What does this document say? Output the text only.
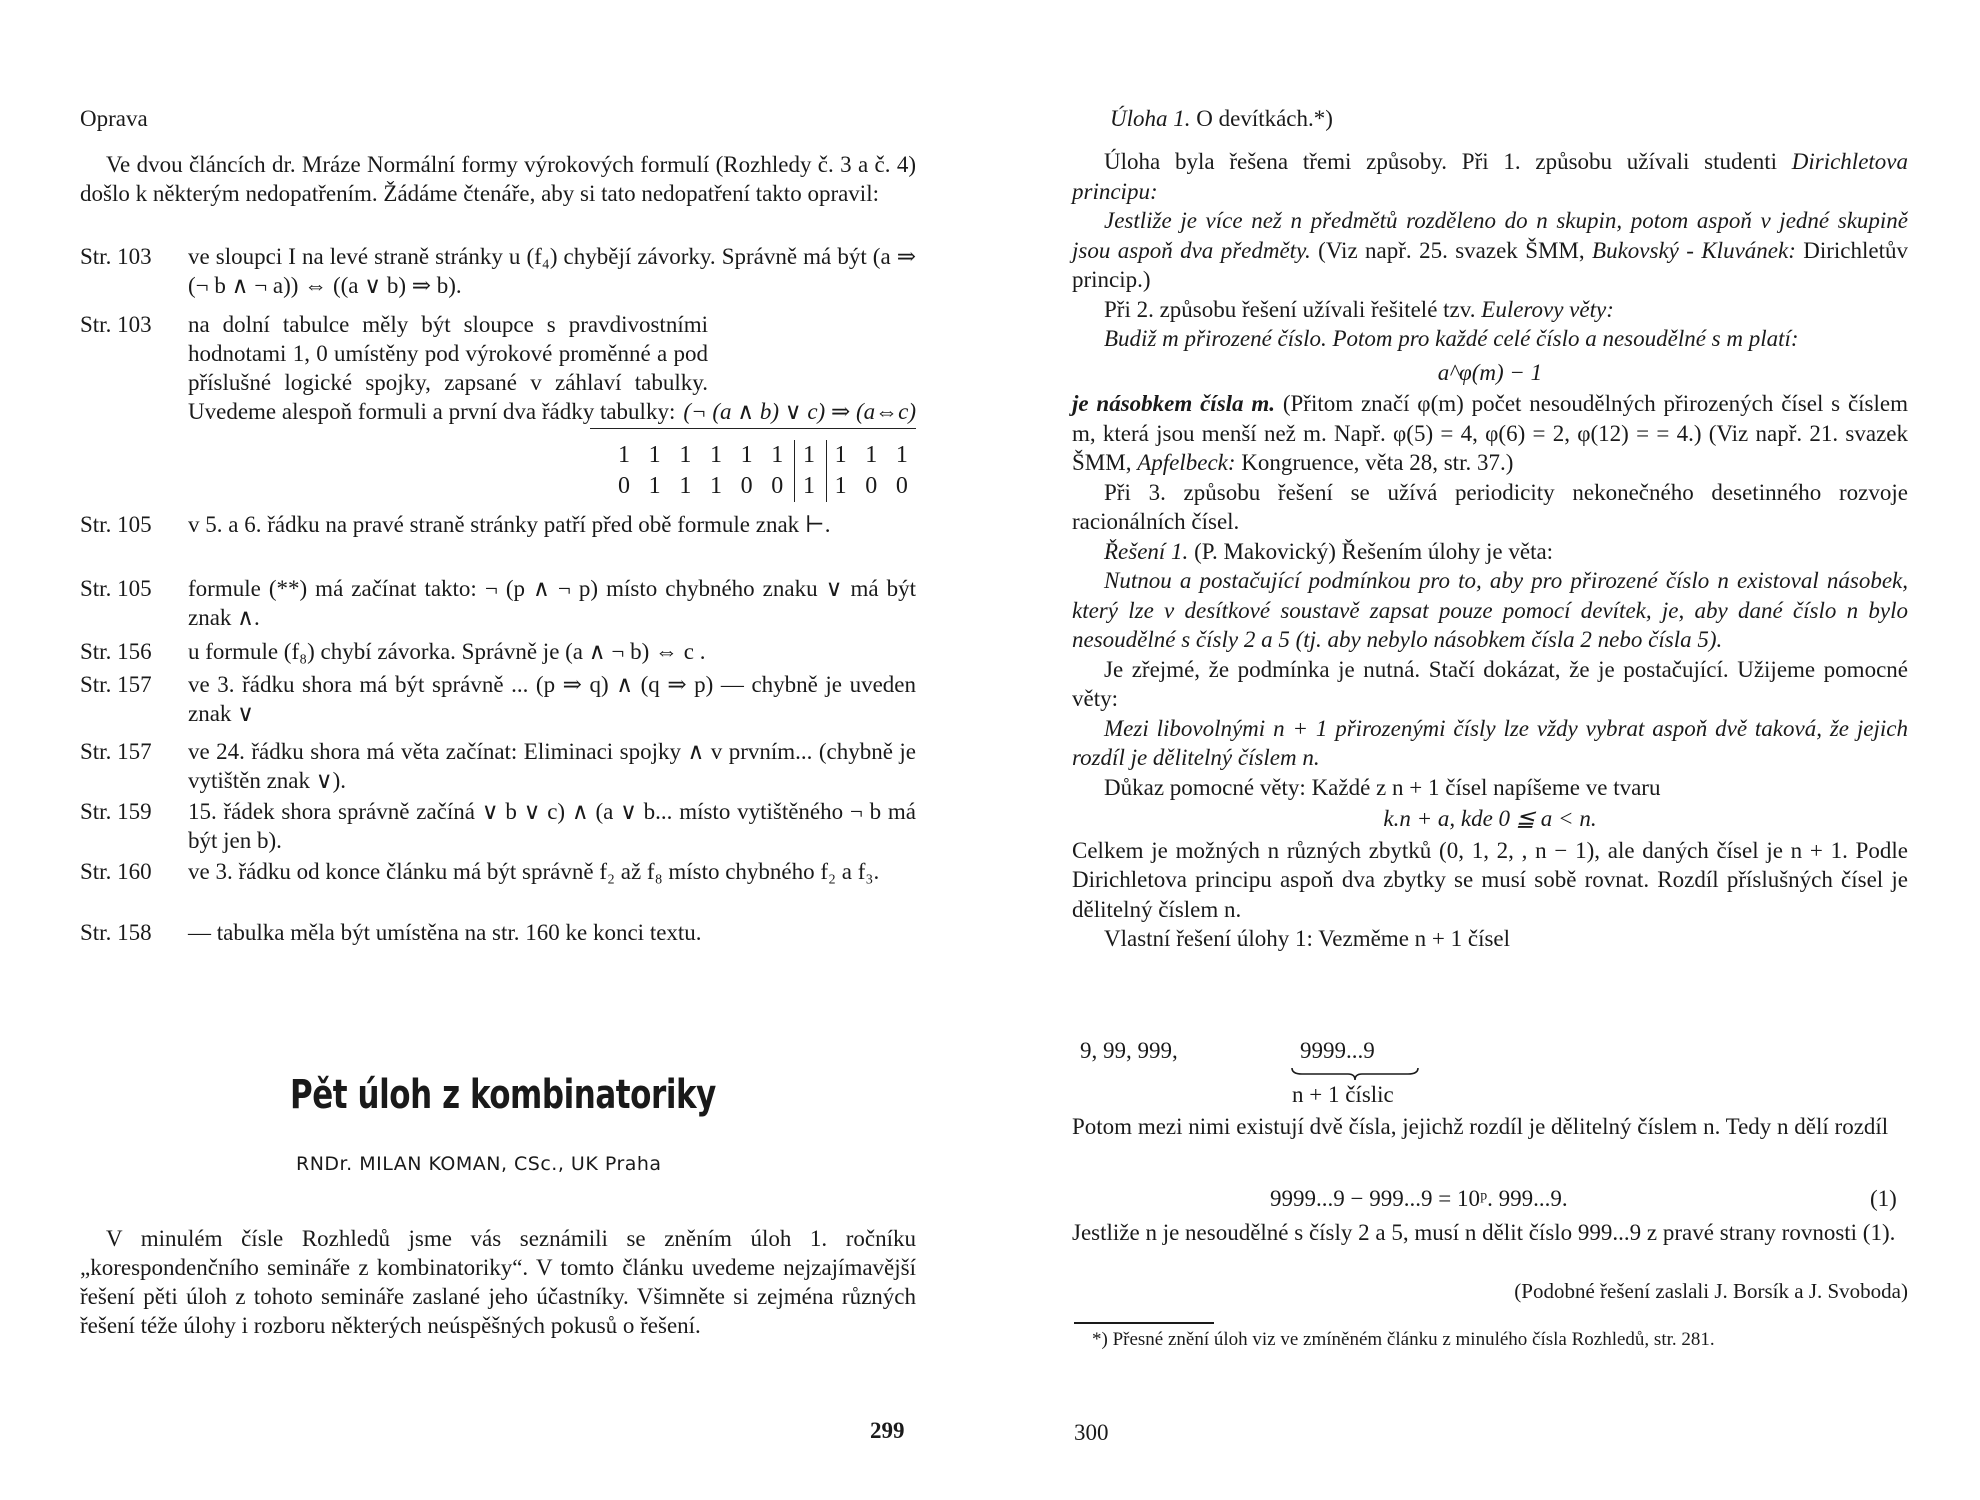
Oprava
Ve dvou článcích dr. Mráze Normální formy výrokových formulí (Rozhledy č. 3 a č. 4) došlo k některým nedopatřením. Žádáme čtenáře, aby si tato nedopatření takto opravil:
Str. 103	ve sloupci I na levé straně stránky u (f₄) chybějí závorky. Správně má být (a ⇒ (¬ b ∧ ¬ a)) ⇔ ((a ∨ b) ⇒ b).
Str. 103	na dolní tabulce měly být sloupce s pravdivostními hodnotami 1, 0 umístěny pod výrokové proměnné a pod příslušné logické spojky, zapsané v záhlaví tabulky. Uvedeme alespoň formuli a první dva řádky tabulky: (¬ (a ∧ b) ∨ c) ⇒ (a⇔c)
1 1 1 1 1 1 1 1 1 1
0 1 1 1 0 0 1 1 0 0
Str. 105	v 5. a 6. řádku na pravé straně stránky patří před obě formule znak ⊢.
Str. 105	formule (**) má začínat takto: ¬ (p ∧ ¬ p) místo chybného znaku ∨ má být znak ∧.
Str. 156	u formule (f₈) chybí závorka. Správně je (a ∧ ¬ b) ⇔ c .
Str. 157	ve 3. řádku shora má být správně ... (p ⇒ q) ∧ (q ⇒ p) — chybně je uveden znak ∨
Str. 157	ve 24. řádku shora má věta začínat: Eliminaci spojky ∧ v prvním... (chybně je vytištěn znak ∨).
Str. 159	15. řádek shora správně začíná ∨ b ∨ c) ∧ (a ∨ b... místo vytištěného ¬ b má být jen b).
Str. 160	ve 3. řádku od konce článku má být správně f₂ až f₈ místo chybného f₂ a f₃.
Str. 158	— tabulka měla být umístěna na str. 160 ke konci textu.
Pět úloh z kombinatoriky
RNDr. MILAN KOMAN, CSc., UK Praha
V minulém čísle Rozhledů jsme vás seznámili se zněním úloh 1. ročníku „korespondenčního semináře z kombinatoriky“. V tomto článku uvedeme nejzajímavější řešení pěti úloh z tohoto semináře zaslané jeho účastníky. Všimněte si zejména různých řešení téže úlohy i rozboru některých neúspěšných pokusů o řešení.
299
Úloha 1. O devítkách.*)
Úloha byla řešena třemi způsoby. Při 1. způsobu užívali studenti Dirichletova principu:
Jestliže je více než n předmětů rozděleno do n skupin, potom aspoň v jedné skupině jsou aspoň dva předměty. (Viz např. 25. svazek ŠMM, Bukovský - Kluvánek: Dirichletův princip.)
Při 2. způsobu řešení užívali řešitelé tzv. Eulerovy věty:
Budiž m přirozené číslo. Potom pro každé celé číslo a nesoudělné s m platí:
a^φ(m) − 1
je násobkem čísla m. (Přitom značí φ(m) počet nesoudělných přirozených čísel s číslem m, která jsou menší než m. Např. φ(5) = 4, φ(6) = 2, φ(12) = = 4.) (Viz např. 21. svazek ŠMM, Apfelbeck: Kongruence, věta 28, str. 37.)
Při 3. způsobu řešení se užívá periodicity nekonečného desetinného rozvoje racionálních čísel.
Řešení 1. (P. Makovický) Řešením úlohy je věta:
Nutnou a postačující podmínkou pro to, aby pro přirozené číslo n existoval násobek, který lze v desítkové soustavě zapsat pouze pomocí devítek, je, aby dané číslo n bylo nesoudělné s čísly 2 a 5 (tj. aby nebylo násobkem čísla 2 nebo čísla 5).
Je zřejmé, že podmínka je nutná. Stačí dokázat, že je postačující. Užijeme pomocné věty:
Mezi libovolnými n + 1 přirozenými čísly lze vždy vybrat aspoň dvě taková, že jejich rozdíl je dělitelný číslem n.
Důkaz pomocné věty: Každé z n + 1 čísel napíšeme ve tvaru
k.n + a, kde 0 ≦ a < n.
Celkem je možných n různých zbytků (0, 1, 2, , n − 1), ale daných čísel je n + 1. Podle Dirichletova principu aspoň dva zbytky se musí sobě rovnat. Rozdíl příslušných čísel je dělitelný číslem n.
Vlastní řešení úlohy 1: Vezměme n + 1 čísel
9, 99, 999,	9999...9
n + 1 číslic
Potom mezi nimi existují dvě čísla, jejichž rozdíl je dělitelný číslem n. Tedy n dělí rozdíl
9999...9 − 999...9 = 10ᵖ. 999...9.	(1)
Jestliže n je nesoudělné s čísly 2 a 5, musí n dělit číslo 999...9 z pravé strany rovnosti (1).
(Podobné řešení zaslali J. Borsík a J. Svoboda)
*) Přesné znění úloh viz ve zmíněném článku z minulého čísla Rozhledů, str. 281.
300
